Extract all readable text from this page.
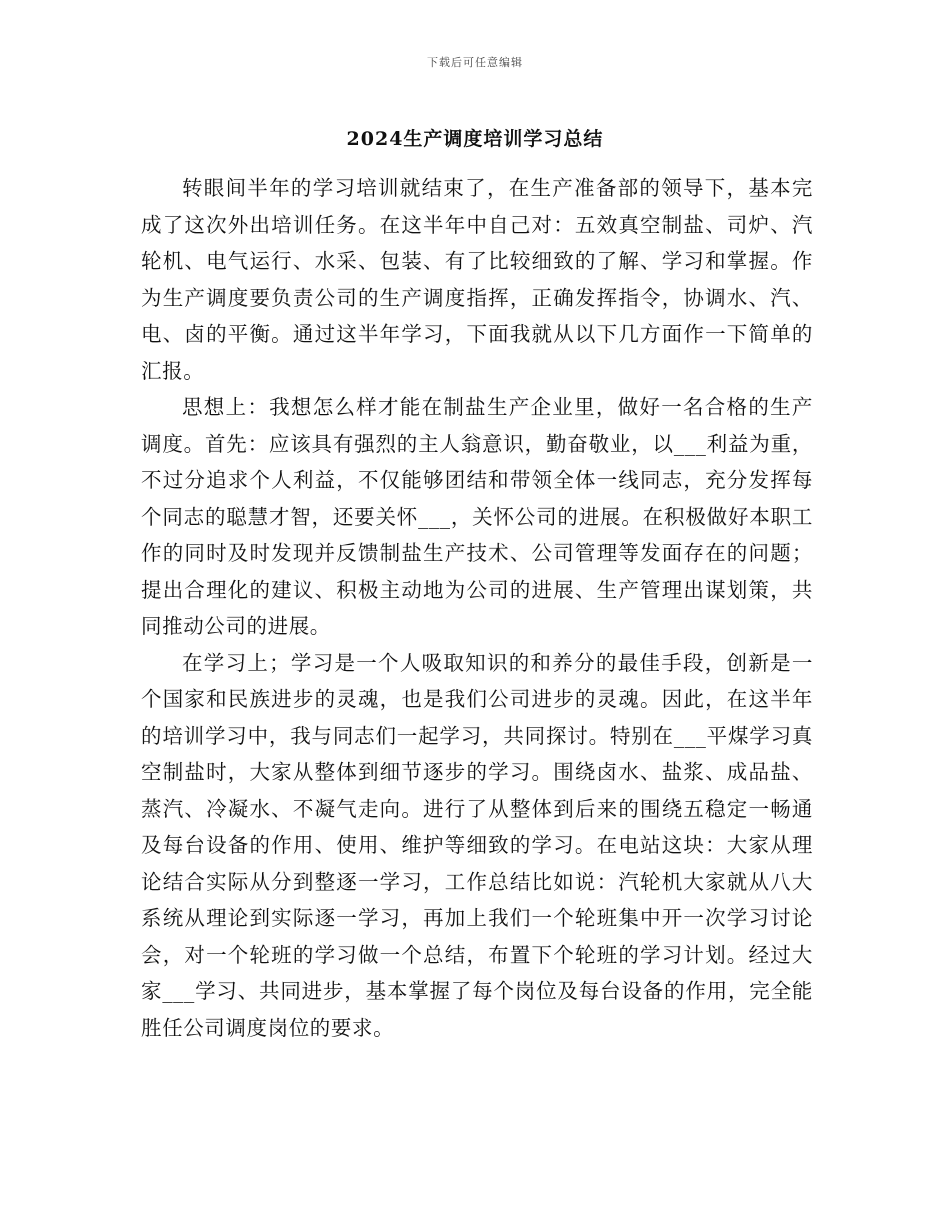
下载后可任意编辑
2024生产调度培训学习总结

转眼间半年的学习培训就结束了，在生产准备部的领导下，基本完成了这次外出培训任务。在这半年中自己对：五效真空制盐、司炉、汽轮机、电气运行、水采、包装、有了比较细致的了解、学习和掌握。作为生产调度要负责公司的生产调度指挥，正确发挥指令，协调水、汽、电、卤的平衡。通过这半年学习，下面我就从以下几方面作一下简单的汇报。

思想上：我想怎么样才能在制盐生产企业里，做好一名合格的生产调度。首先：应该具有强烈的主人翁意识，勤奋敬业，以___利益为重，不过分追求个人利益，不仅能够团结和带领全体一线同志，充分发挥每个同志的聪慧才智，还要关怀___，关怀公司的进展。在积极做好本职工作的同时及时发现并反馈制盐生产技术、公司管理等发面存在的问题；提出合理化的建议、积极主动地为公司的进展、生产管理出谋划策，共同推动公司的进展。

在学习上；学习是一个人吸取知识的和养分的最佳手段，创新是一个国家和民族进步的灵魂，也是我们公司进步的灵魂。因此，在这半年的培训学习中，我与同志们一起学习，共同探讨。特别在___平煤学习真空制盐时，大家从整体到细节逐步的学习。围绕卤水、盐浆、成品盐、蒸汽、冷凝水、不凝气走向。进行了从整体到后来的围绕五稳定一畅通及每台设备的作用、使用、维护等细致的学习。在电站这块：大家从理论结合实际从分到整逐一学习，工作总结比如说：汽轮机大家就从八大系统从理论到实际逐一学习，再加上我们一个轮班集中开一次学习讨论会，对一个轮班的学习做一个总结，布置下个轮班的学习计划。经过大家___学习、共同进步，基本掌握了每个岗位及每台设备的作用，完全能胜任公司调度岗位的要求。
